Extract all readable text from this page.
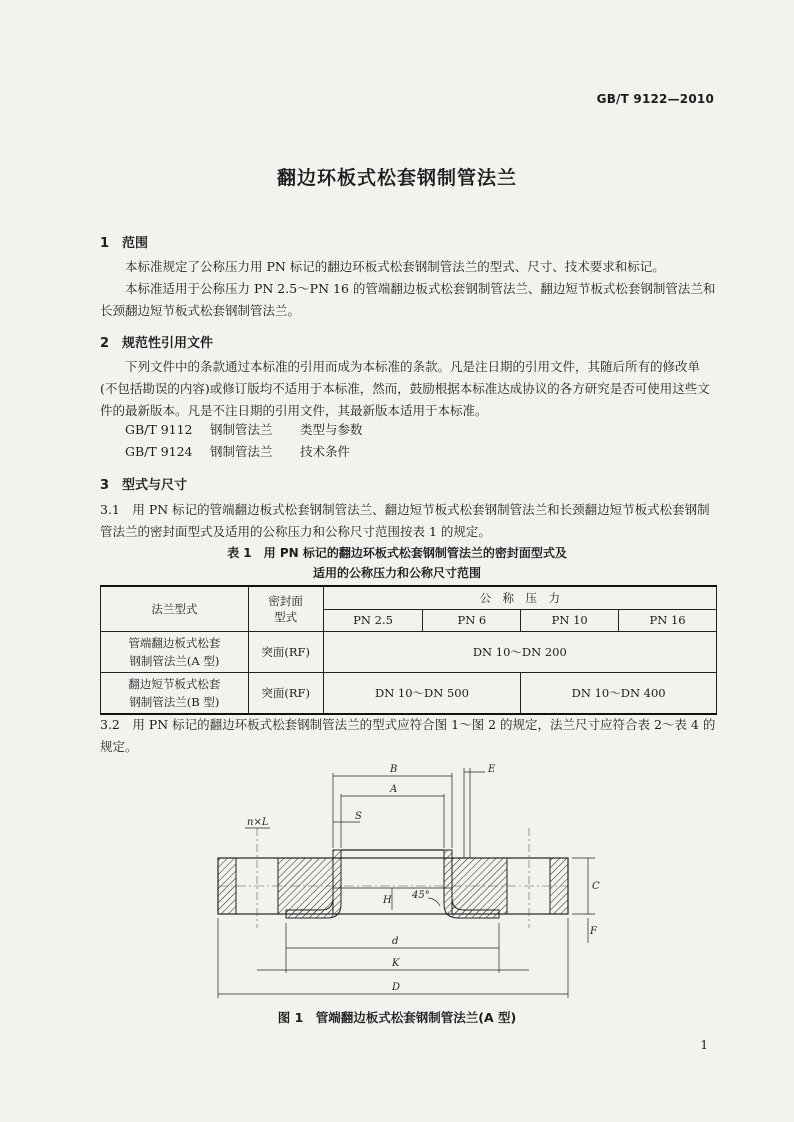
GB/T 9122—2010
翻边环板式松套钢制管法兰
1 范围
本标准规定了公称压力用 PN 标记的翻边环板式松套钢制管法兰的型式、尺寸、技术要求和标记。
本标准适用于公称压力 PN 2.5～PN 16 的管端翻边板式松套钢制管法兰、翻边短节板式松套钢制管法兰和长颈翻边短节板式松套钢制管法兰。
2 规范性引用文件
下列文件中的条款通过本标准的引用而成为本标准的条款。凡是注日期的引用文件，其随后所有的修改单(不包括勘误的内容)或修订版均不适用于本标准，然而，鼓励根据本标准达成协议的各方研究是否可使用这些文件的最新版本。凡是不注日期的引用文件，其最新版本适用于本标准。
GB/T 9112 钢制管法兰 类型与参数
GB/T 9124 钢制管法兰 技术条件
3 型式与尺寸
3.1　用 PN 标记的管端翻边板式松套钢制管法兰、翻边短节板式松套钢制管法兰和长颈翻边短节板式松套钢制管法兰的密封面型式及适用的公称压力和公称尺寸范围按表 1 的规定。
表 1　用 PN 标记的翻边环板式松套钢制管法兰的密封面型式及
适用的公称压力和公称尺寸范围
法兰型式	密封面
型式	公　称　压　力			
		PN 2.5	PN 6	PN 10	PN 16

管端翻边板式松套
钢制管法兰(A 型)	突面(RF)	DN 10～DN 200			

翻边短节板式松套
钢制管法兰(B 型)	突面(RF)	DN 10～DN 500		DN 10～DN 400	
3.2　用 PN 标记的翻边环板式松套钢制管法兰的型式应符合图 1～图 2 的规定，法兰尺寸应符合表 2～表 4 的规定。
B	E
A
S
n×L
C
H 45°
F
d
K
D
图 1　管端翻边板式松套钢制管法兰(A 型)
1
